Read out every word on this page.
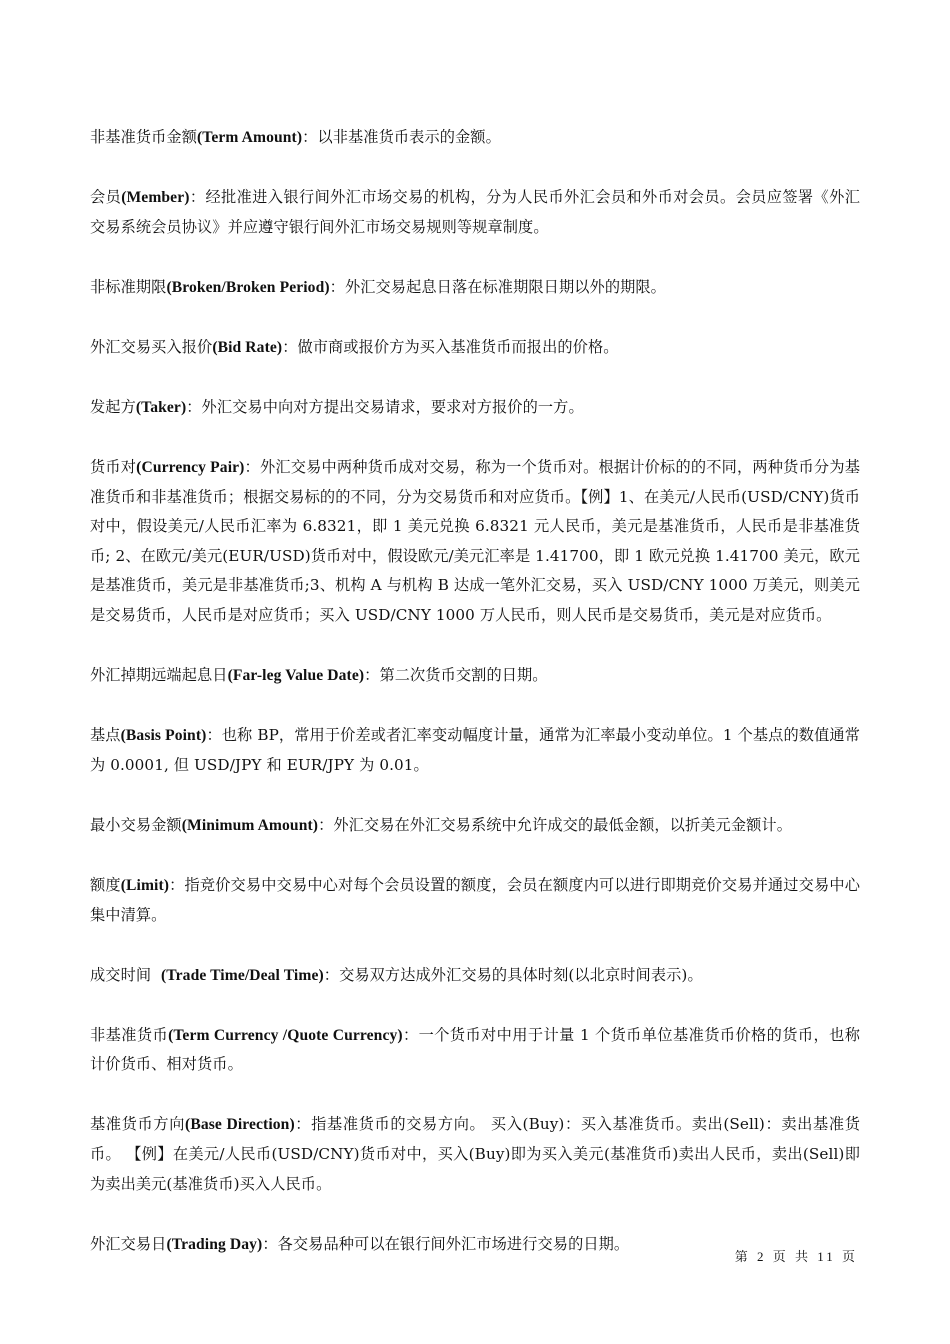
非基准货币金额(Term Amount)：以非基准货币表示的金额。

会员(Member)：经批准进入银行间外汇市场交易的机构，分为人民币外汇会员和外币对会员。会员应签署《外汇交易系统会员协议》并应遵守银行间外汇市场交易规则等规章制度。

非标准期限(Broken/Broken Period)：外汇交易起息日落在标准期限日期以外的期限。

外汇交易买入报价(Bid Rate)：做市商或报价方为买入基准货币而报出的价格。

发起方(Taker)：外汇交易中向对方提出交易请求，要求对方报价的一方。

货币对(Currency Pair)：外汇交易中两种货币成对交易，称为一个货币对。根据计价标的的不同，两种货币分为基准货币和非基准货币；根据交易标的的不同，分为交易货币和对应货币。【例】1、在美元/人民币(USD/CNY)货币对中，假设美元/人民币汇率为 6.8321，即 1 美元兑换 6.8321 元人民币，美元是基准货币，人民币是非基准货币; 2、在欧元/美元(EUR/USD)货币对中，假设欧元/美元汇率是 1.41700，即 1 欧元兑换 1.41700 美元，欧元是基准货币，美元是非基准货币;3、机构 A 与机构 B 达成一笔外汇交易，买入 USD/CNY 1000 万美元，则美元是交易货币，人民币是对应货币；买入 USD/CNY 1000 万人民币，则人民币是交易货币，美元是对应货币。

外汇掉期远端起息日(Far-leg Value Date)：第二次货币交割的日期。

基点(Basis Point)：也称 BP，常用于价差或者汇率变动幅度计量，通常为汇率最小变动单位。1 个基点的数值通常为 0.0001, 但 USD/JPY 和 EUR/JPY 为 0.01。

最小交易金额(Minimum Amount)：外汇交易在外汇交易系统中允许成交的最低金额，以折美元金额计。

额度(Limit)：指竞价交易中交易中心对每个会员设置的额度，会员在额度内可以进行即期竞价交易并通过交易中心集中清算。

成交时间  (Trade Time/Deal Time)：交易双方达成外汇交易的具体时刻(以北京时间表示)。

非基准货币(Term Currency /Quote Currency)：一个货币对中用于计量 1 个货币单位基准货币价格的货币，也称计价货币、相对货币。

基准货币方向(Base Direction)：指基准货币的交易方向。 买入(Buy)：买入基准货币。卖出(Sell)：卖出基准货币。 【例】在美元/人民币(USD/CNY)货币对中，买入(Buy)即为买入美元(基准货币)卖出人民币，卖出(Sell)即为卖出美元(基准货币)买入人民币。

外汇交易日(Trading Day)：各交易品种可以在银行间外汇市场进行交易的日期。

第 2 页 共 11 页
